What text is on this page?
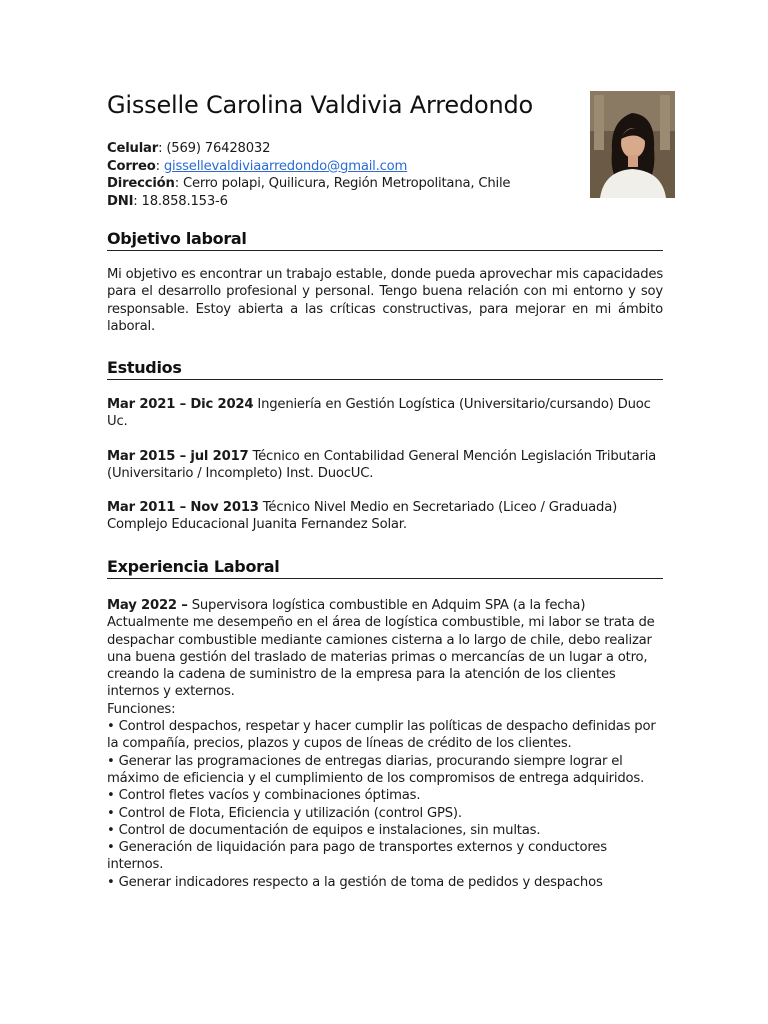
Gisselle Carolina Valdivia Arredondo
Celular: (569) 76428032
Correo: gissellevaldiviaarredondo@gmail.com
Dirección: Cerro polapi, Quilicura, Región Metropolitana, Chile
DNI: 18.858.153-6
Objetivo laboral

Mi objetivo es encontrar un trabajo estable, donde pueda aprovechar mis capacidades para el desarrollo profesional y personal. Tengo buena relación con mi entorno y soy responsable. Estoy abierta a las críticas constructivas, para mejorar en mi ámbito laboral.

Estudios

Mar 2021 – Dic 2024 Ingeniería en Gestión Logística (Universitario/cursando) Duoc Uc.

Mar 2015 – jul 2017 Técnico en Contabilidad General Mención Legislación Tributaria (Universitario / Incompleto) Inst. DuocUC.

Mar 2011 – Nov 2013 Técnico Nivel Medio en Secretariado (Liceo / Graduada) Complejo Educacional Juanita Fernandez Solar.

Experiencia Laboral

May 2022 – Supervisora logística combustible en Adquim SPA (a la fecha)

Actualmente me desempeño en el área de logística combustible, mi labor se trata de despachar combustible mediante camiones cisterna a lo largo de chile, debo realizar una buena gestión del traslado de materias primas o mercancías de un lugar a otro, creando la cadena de suministro de la empresa para la atención de los clientes internos y externos.

Funciones:

• Control despachos, respetar y hacer cumplir las políticas de despacho definidas por la compañía, precios, plazos y cupos de líneas de crédito de los clientes.

• Generar las programaciones de entregas diarias, procurando siempre lograr el máximo de eficiencia y el cumplimiento de los compromisos de entrega adquiridos.

• Control fletes vacíos y combinaciones óptimas.

• Control de Flota, Eficiencia y utilización (control GPS).

• Control de documentación de equipos e instalaciones, sin multas.

• Generación de liquidación para pago de transportes externos y conductores internos.

• Generar indicadores respecto a la gestión de toma de pedidos y despachos
